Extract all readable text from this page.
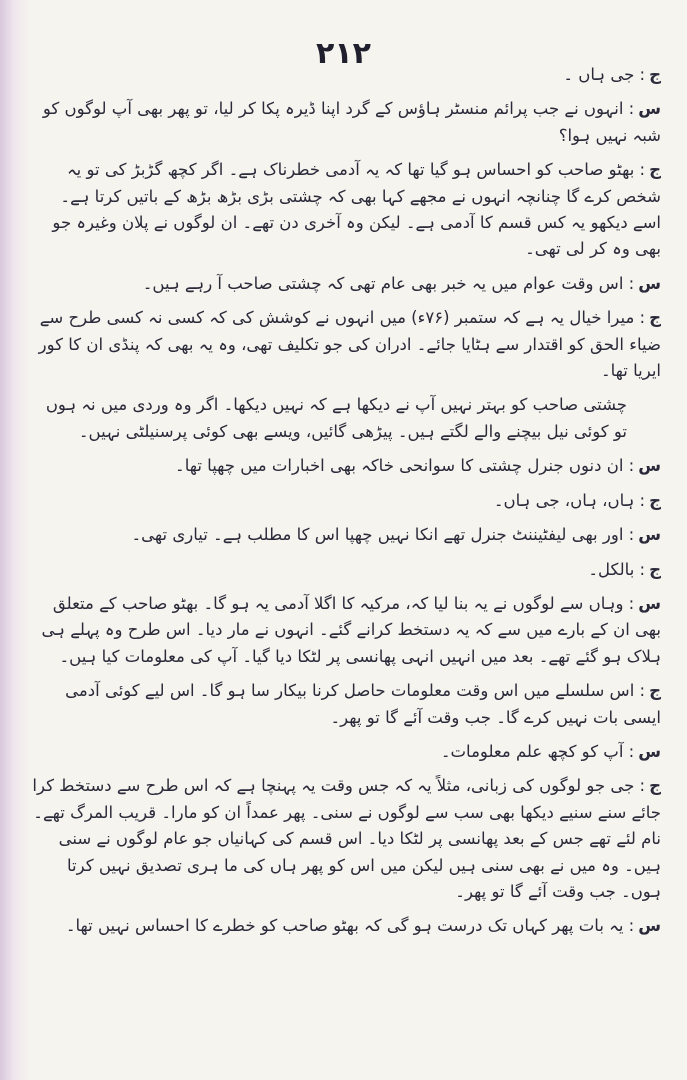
۲۱۲

ج: جی ہاں ۔

س: انہوں نے جب پرائم منسٹر ہاؤس کے گرد اپنا ڈیرہ پکا کر لیا، تو پھر بھی آپ لوگوں کو شبہ نہیں ہوا؟

ج: بھٹو صاحب کو احساس ہو گیا تھا کہ یہ آدمی خطرناک ہے۔ اگر کچھ گڑبڑ کی تو یہ شخص کرے گا چنانچہ انہوں نے مجھے کہا بھی کہ چشتی بڑی بڑھ بڑھ کے باتیں کرتا ہے۔ اسے دیکھو یہ کس قسم کا آدمی ہے۔ لیکن وہ آخری دن تھے۔ ان لوگوں نے پلان وغیرہ جو بھی وہ کر لی تھی۔

س: اس وقت عوام میں یہ خبر بھی عام تھی کہ چشتی صاحب آ رہے ہیں۔

ج: میرا خیال یہ ہے کہ ستمبر (۷۶ء) میں انہوں نے کوشش کی کہ کسی نہ کسی طرح سے ضیاء الحق کو اقتدار سے ہٹایا جائے۔ ادران کی جو تکلیف تھی، وہ یہ بھی کہ پنڈی ان کا کور ایریا تھا۔

چشتی صاحب کو بہتر نہیں آپ نے دیکھا ہے کہ نہیں دیکھا۔ اگر وہ وردی میں نہ ہوں تو کوئی نیل بیچنے والے لگتے ہیں۔ پیڑھی گائیں، ویسے بھی کوئی پرسنیلٹی نہیں۔

س: ان دنوں جنرل چشتی کا سوانحی خاکہ بھی اخبارات میں چھپا تھا۔

ج: ہاں، ہاں، جی ہاں۔

س: اور بھی لیفٹیننٹ جنرل تھے انکا نہیں چھپا اس کا مطلب ہے۔ تیاری تھی۔

ج: بالکل۔

س: وہاں سے لوگوں نے یہ بنا لیا کہ، مرکیہ کا اگلا آدمی یہ ہو گا۔ بھٹو صاحب کے متعلق بھی ان کے بارے میں سے کہ یہ دستخط کرانے گئے۔ انہوں نے مار دیا۔ اس طرح وہ پہلے ہی ہلاک ہو گئے تھے۔ بعد میں انہیں انہی پھانسی پر لٹکا دیا گیا۔ آپ کی معلومات کیا ہیں۔

ج: اس سلسلے میں اس وقت معلومات حاصل کرنا بیکار سا ہو گا۔ اس لیے کوئی آدمی ایسی بات نہیں کرے گا۔ جب وقت آئے گا تو پھر۔

س: آپ کو کچھ علم معلومات۔

ج: جی جو لوگوں کی زبانی، مثلاً یہ کہ جس وقت یہ پہنچا ہے کہ اس طرح سے دستخط کرا جائے سنے سنیے دیکھا بھی سب سے لوگوں نے سنی۔ پھر عمداً ان کو مارا۔ قریب المرگ تھے۔ نام لئے تھے جس کے بعد پھانسی پر لٹکا دیا۔ اس قسم کی کہانیاں جو عام لوگوں نے سنی ہیں۔ وہ میں نے بھی سنی ہیں لیکن میں اس کو پھر ہاں کی ما ہری تصدیق نہیں کرتا ہوں۔ جب وقت آئے گا تو پھر۔

س: یہ بات پھر کہاں تک درست ہو گی کہ بھٹو صاحب کو خطرے کا احساس نہیں تھا۔
